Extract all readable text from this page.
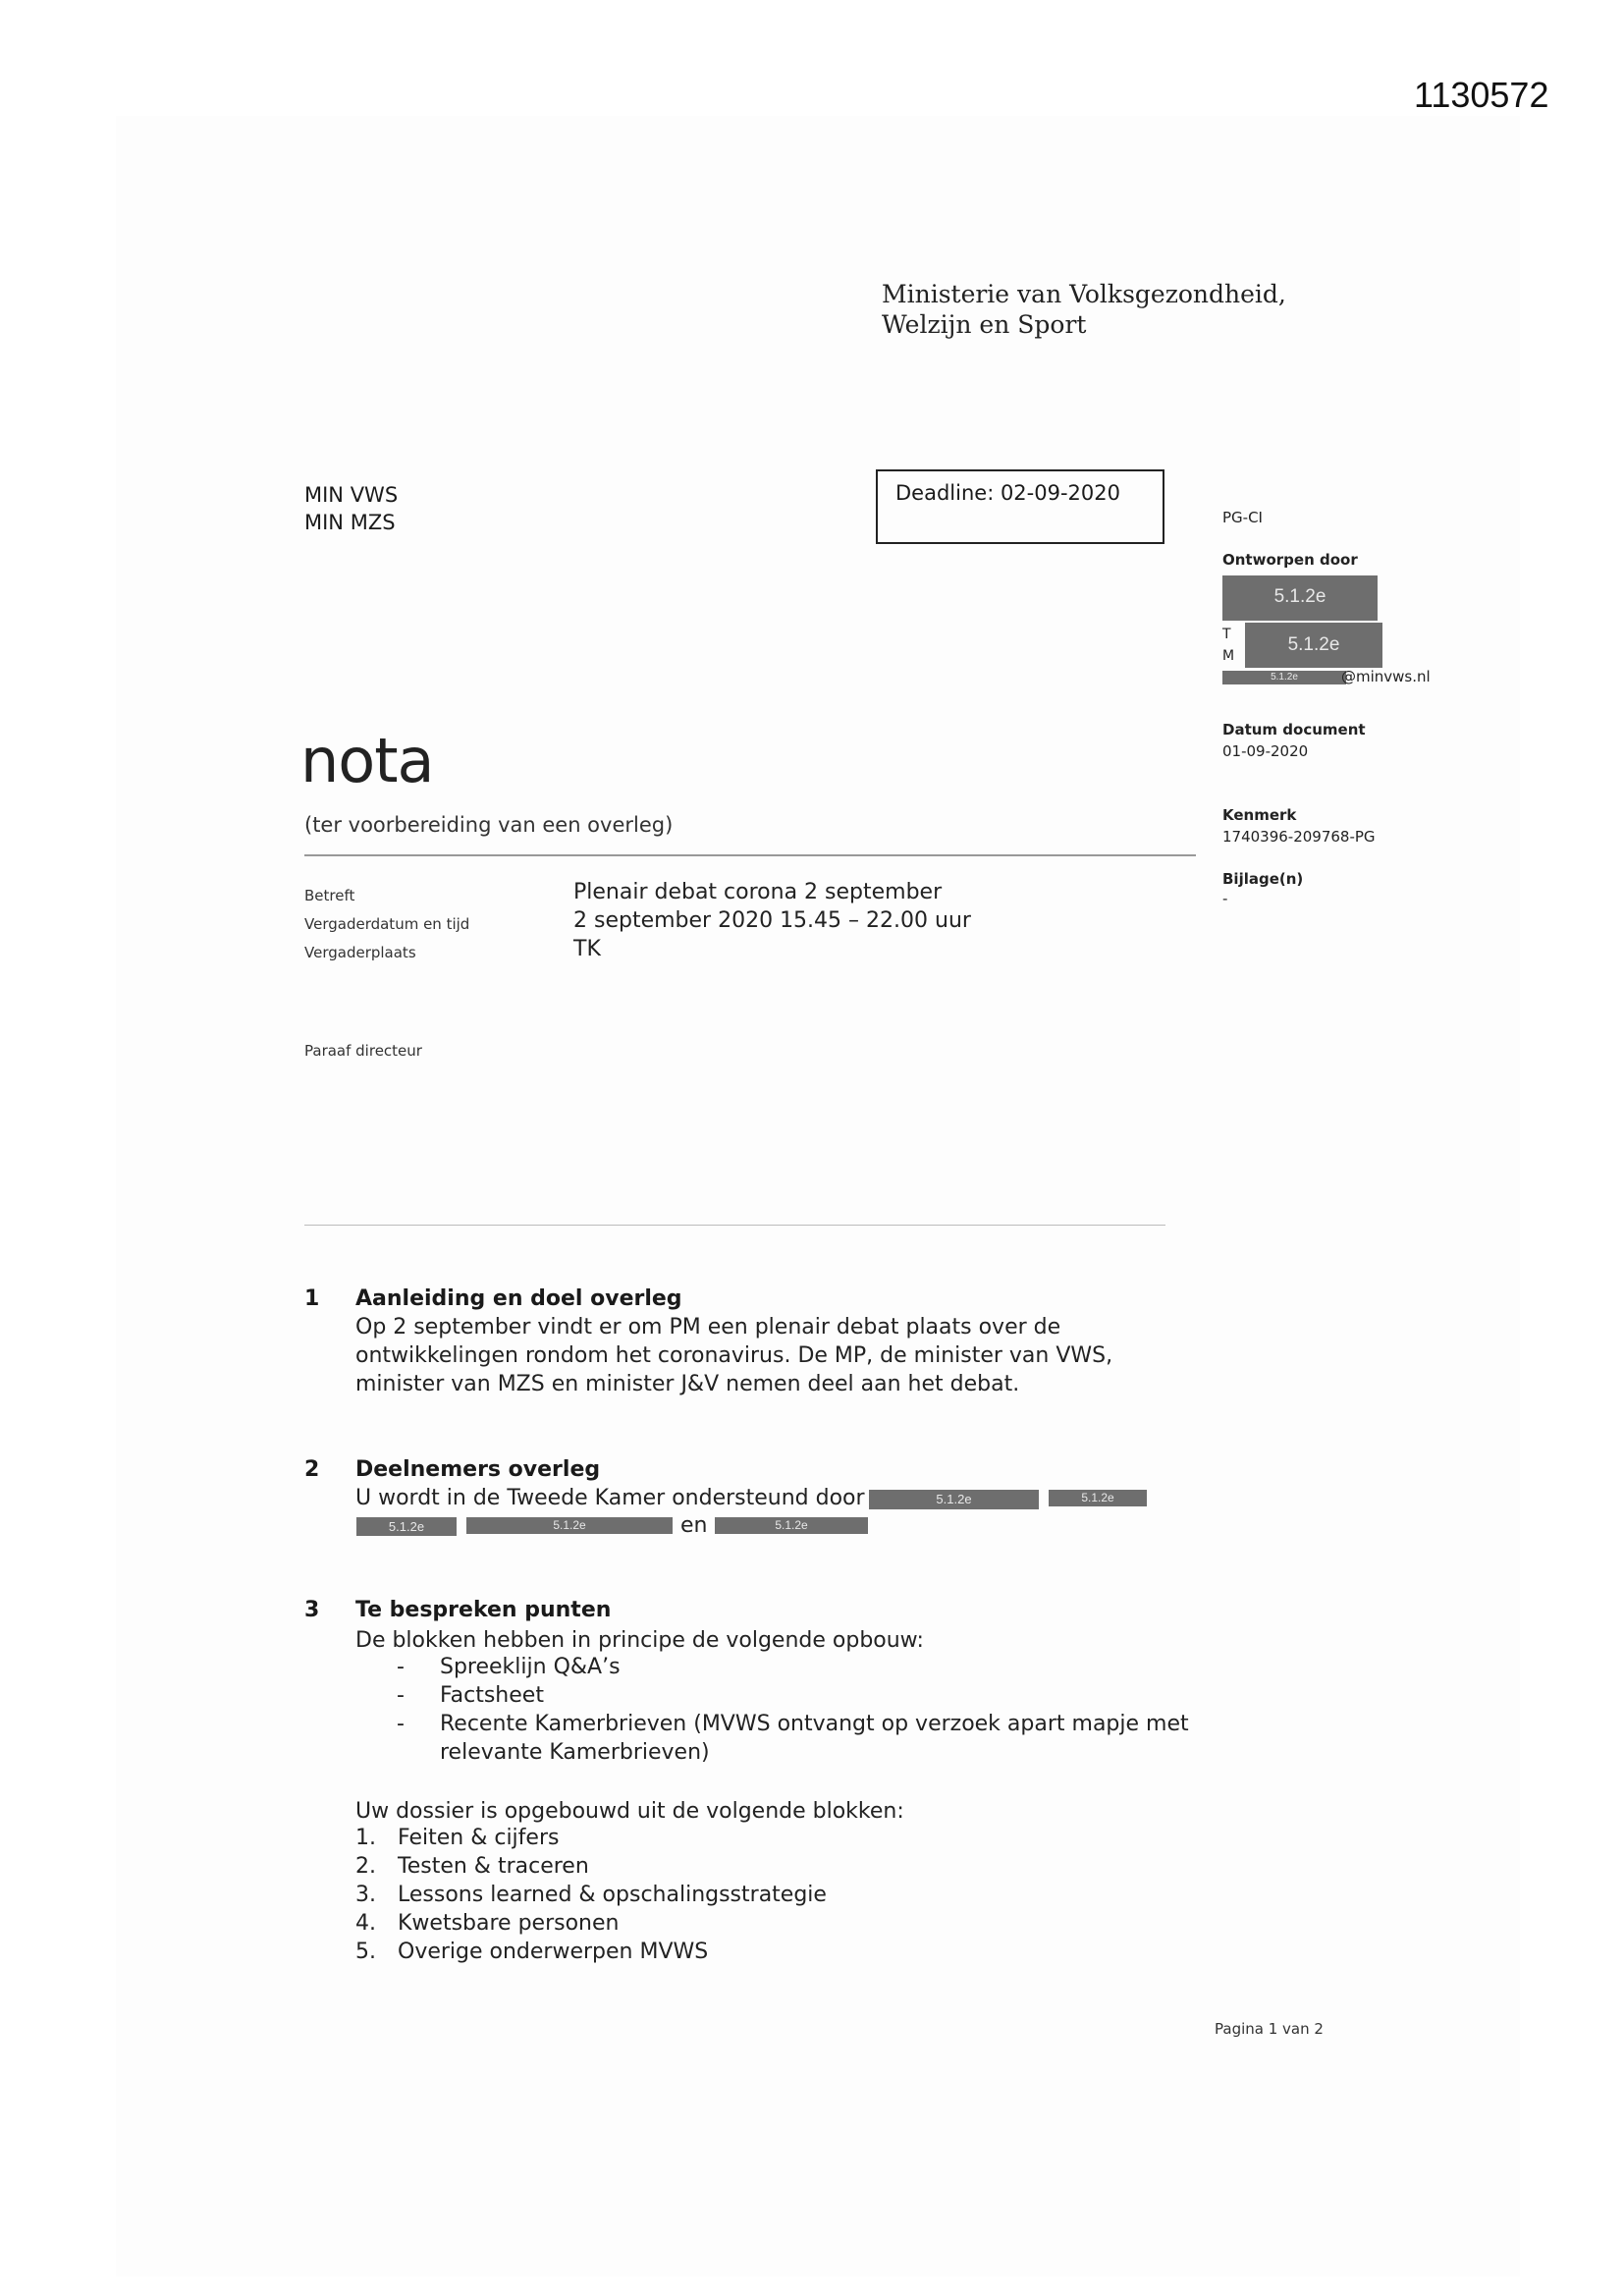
1130572
Ministerie van Volksgezondheid,
Welzijn en Sport
MIN VWS
MIN MZS
Deadline: 02-09-2020
PG-CI
Ontworpen door
5.1.2e
T
M
5.1.2e
5.1.2e	@minvws.nl
Datum document
01-09-2020
Kenmerk
1740396-209768-PG
Bijlage(n)
-
nota
(ter voorbereiding van een overleg)
Betreft	Plenair debat corona 2 september
Vergaderdatum en tijd	2 september 2020 15.45 – 22.00 uur
Vergaderplaats	TK
Paraaf directeur
1 Aanleiding en doel overleg
Op 2 september vindt er om PM een plenair debat plaats over de
ontwikkelingen rondom het coronavirus. De MP, de minister van VWS,
minister van MZS en minister J&V nemen deel aan het debat.
2 Deelnemers overleg
U wordt in de Tweede Kamer ondersteund door	5.1.2e	5.1.2e
5.1.2e	5.1.2e	en	5.1.2e
3 Te bespreken punten
De blokken hebben in principe de volgende opbouw:
- Spreeklijn Q&A’s
- Factsheet
- Recente Kamerbrieven (MVWS ontvangt op verzoek apart mapje met
relevante Kamerbrieven)
Uw dossier is opgebouwd uit de volgende blokken:
1. Feiten & cijfers
2. Testen & traceren
3. Lessons learned & opschalingsstrategie
4. Kwetsbare personen
5. Overige onderwerpen MVWS
Pagina 1 van 2
